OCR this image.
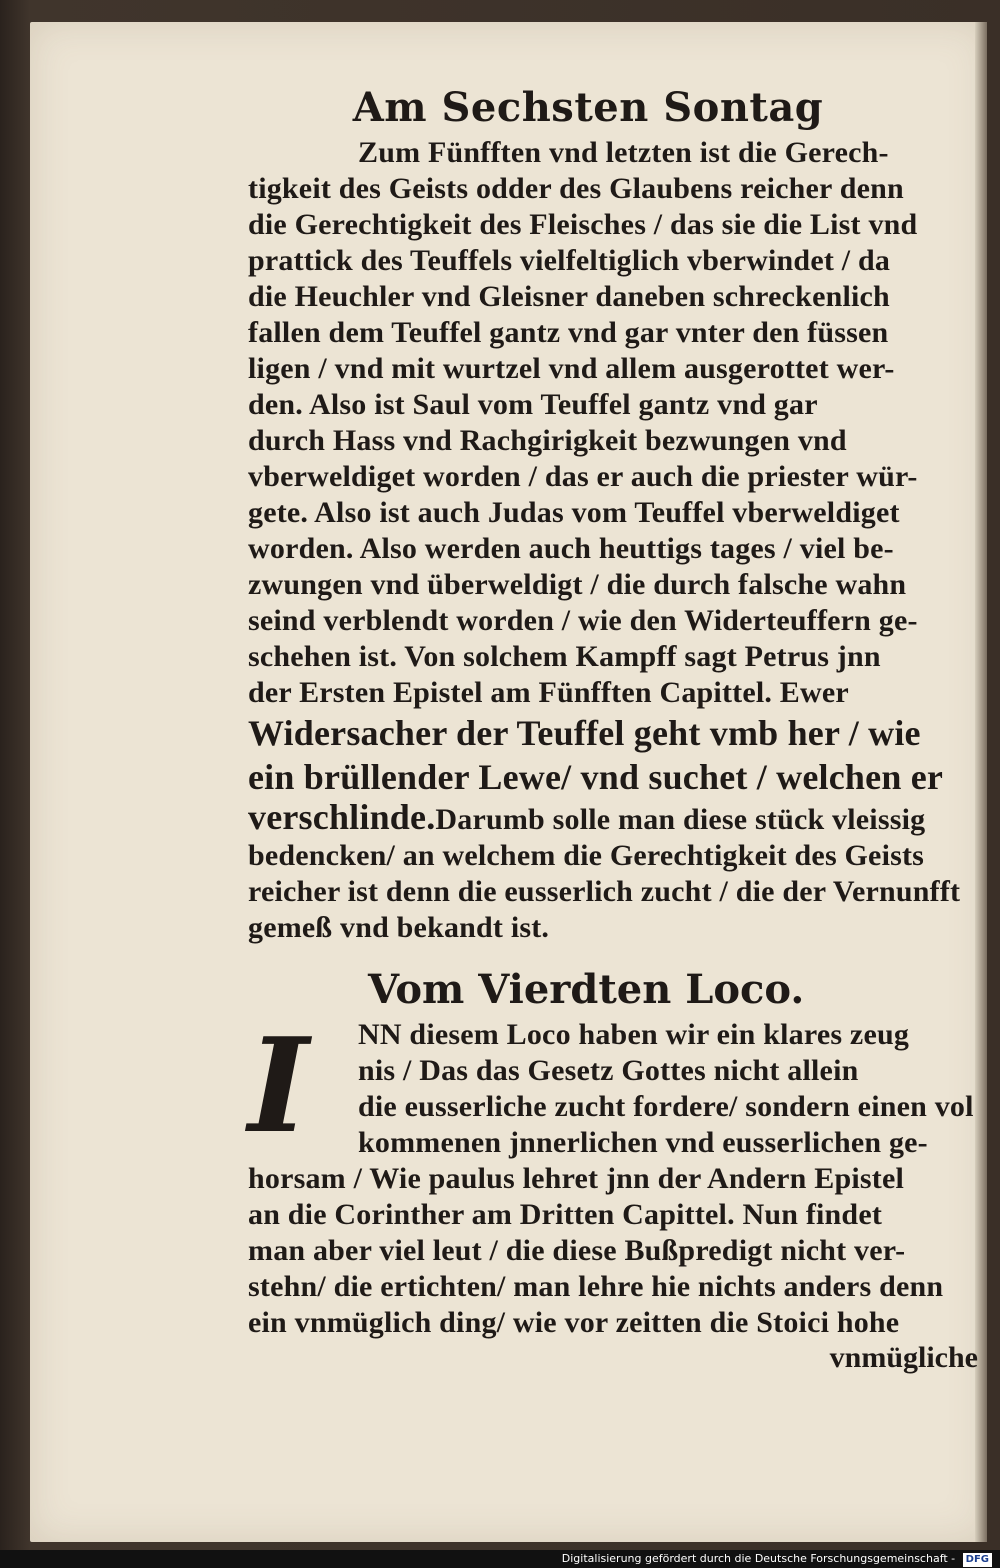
Am Sechsten Sontag
Zum Fünfften vnd letzten ist die Gerech-
tigkeit des Geists odder des Glaubens reicher denn
die Gerechtigkeit des Fleisches / das sie die List vnd
prattick des Teuffels vielfeltiglich vberwindet / da
die Heuchler vnd Gleisner daneben schreckenlich
fallen dem Teuffel gantz vnd gar vnter den füssen
ligen / vnd mit wurtzel vnd allem ausgerottet wer-
den. Also ist Saul vom Teuffel gantz vnd gar
durch Hass vnd Rachgirigkeit bezwungen vnd
vberweldiget worden / das er auch die priester wür-
gete. Also ist auch Judas vom Teuffel vberweldiget
worden. Also werden auch heuttigs tages / viel be-
zwungen vnd überweldigt / die durch falsche wahn
seind verblendt worden / wie den Widerteuffern ge-
schehen ist. Von solchem Kampff sagt Petrus jnn
der Ersten Epistel am Fünfften Capittel. Ewer
Widersacher der Teuffel geht vmb her / wie
ein brüllender Lewe/ vnd suchet / welchen er
verschlinde.Darumb solle man diese stück vleissig
bedencken/ an welchem die Gerechtigkeit des Geists
reicher ist denn die eusserlich zucht / die der Vernunfft
gemeß vnd bekandt ist.
Vom Vierdten Loco.
I	NN diesem Loco haben wir ein klares zeug
nis / Das das Gesetz Gottes nicht allein
die eusserliche zucht fordere/ sondern einen vol
kommenen jnnerlichen vnd eusserlichen ge-
horsam / Wie paulus lehret jnn der Andern Epistel
an die Corinther am Dritten Capittel. Nun findet
man aber viel leut / die diese Bußpredigt nicht ver-
stehn/ die ertichten/ man lehre hie nichts anders denn
ein vnmüglich ding/ wie vor zeitten die Stoici hohe
vnmügliche
Digitalisierung gefördert durch die Deutsche Forschungsgemeinschaft - DFG
